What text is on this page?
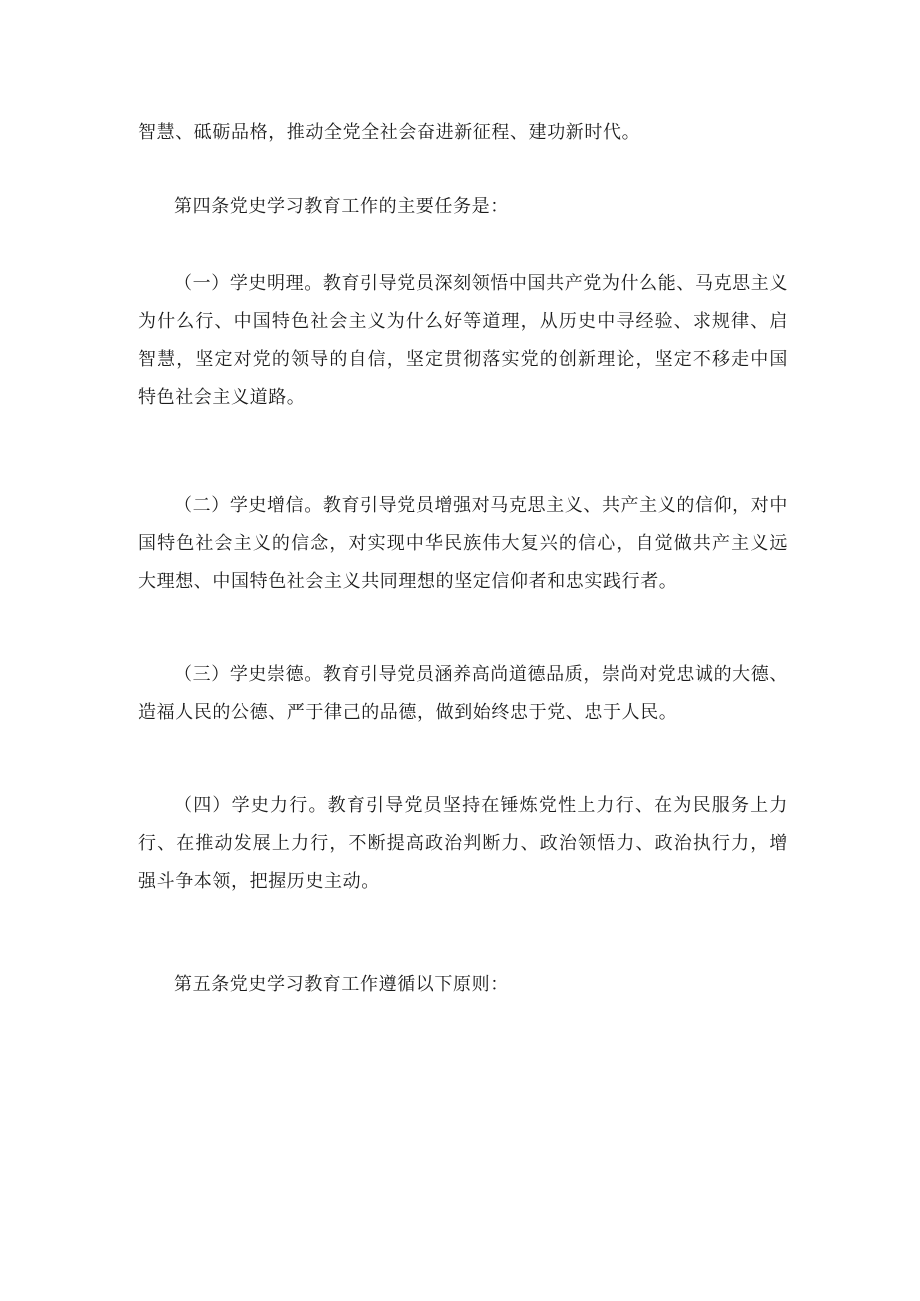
智慧、砥砺品格，推动全党全社会奋进新征程、建功新时代。

第四条党史学习教育工作的主要任务是：

（一）学史明理。教育引导党员深刻领悟中国共产党为什么能、马克思主义为什么行、中国特色社会主义为什么好等道理，从历史中寻经验、求规律、启智慧，坚定对党的领导的自信，坚定贯彻落实党的创新理论，坚定不移走中国特色社会主义道路。

（二）学史增信。教育引导党员增强对马克思主义、共产主义的信仰，对中国特色社会主义的信念，对实现中华民族伟大复兴的信心，自觉做共产主义远大理想、中国特色社会主义共同理想的坚定信仰者和忠实践行者。

（三）学史崇德。教育引导党员涵养高尚道德品质，崇尚对党忠诚的大德、造福人民的公德、严于律己的品德，做到始终忠于党、忠于人民。

（四）学史力行。教育引导党员坚持在锤炼党性上力行、在为民服务上力行、在推动发展上力行，不断提高政治判断力、政治领悟力、政治执行力，增强斗争本领，把握历史主动。

第五条党史学习教育工作遵循以下原则：
